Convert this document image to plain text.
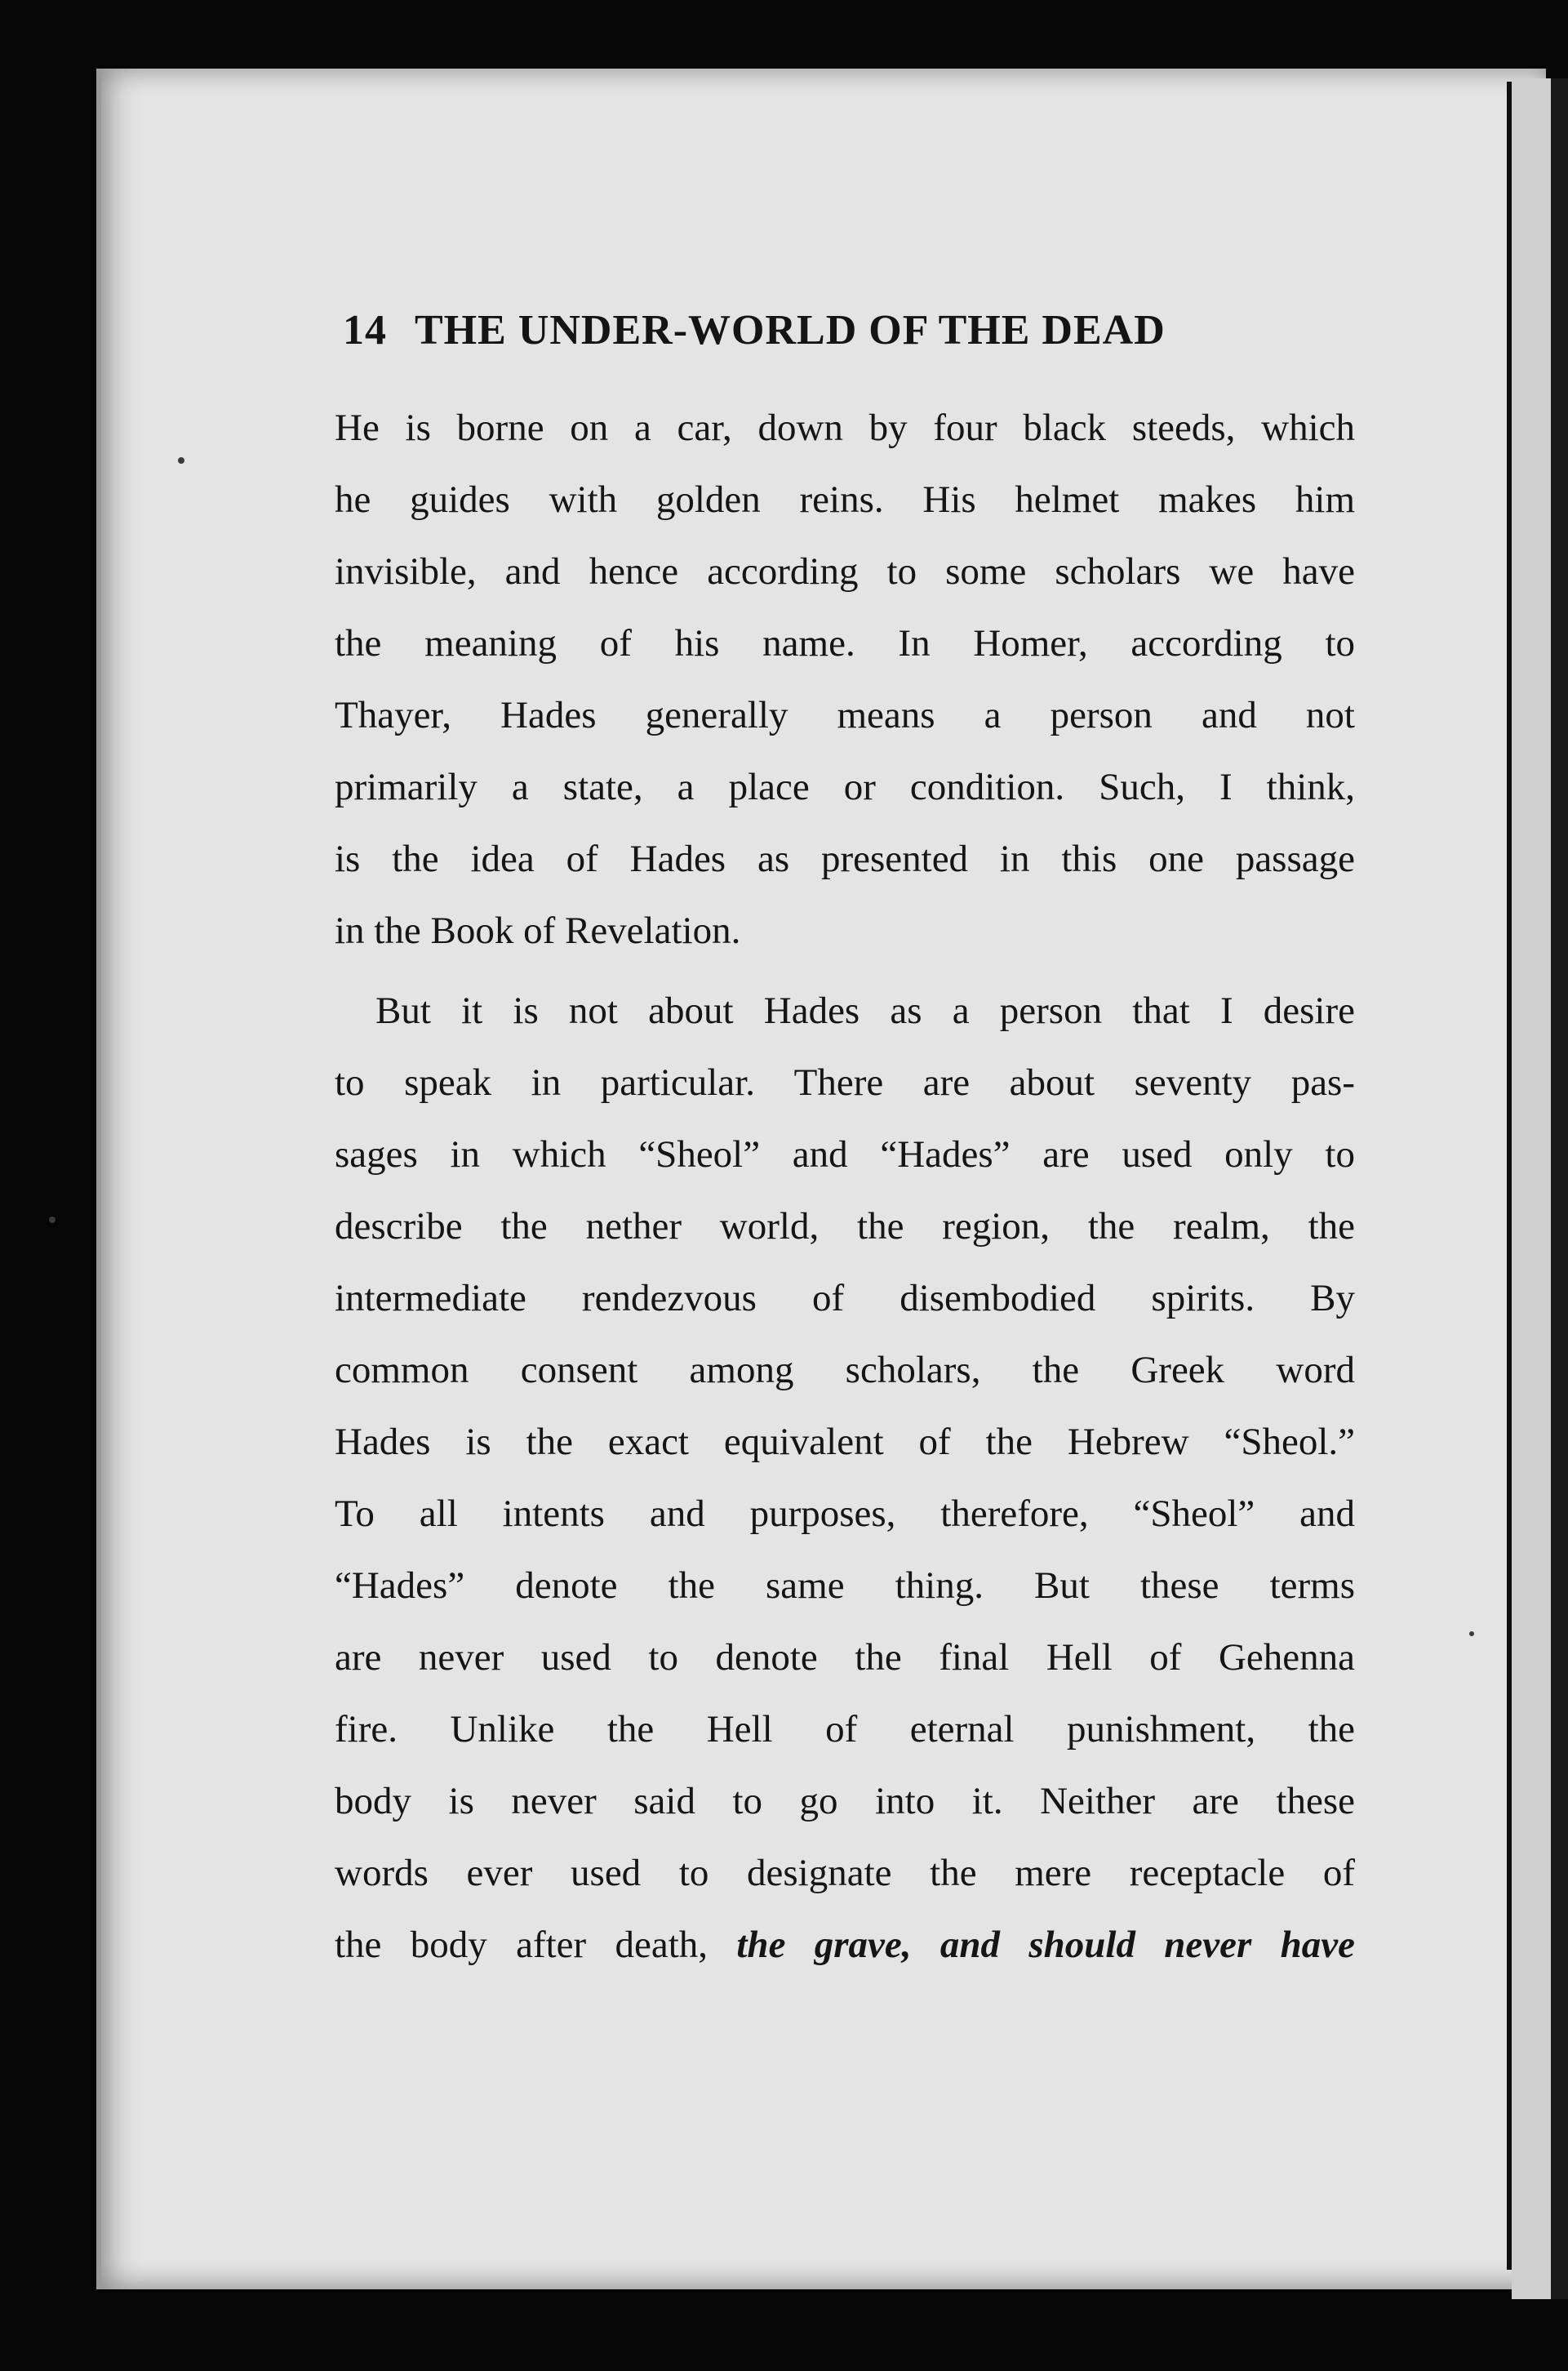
14 THE UNDER-WORLD OF THE DEAD
He is borne on a car, down by four black steeds, which
he guides with golden reins. His helmet makes him
invisible, and hence according to some scholars we have
the meaning of his name. In Homer, according to
Thayer, Hades generally means a person and not
primarily a state, a place or condition. Such, I think,
is the idea of Hades as presented in this one passage
in the Book of Revelation.
But it is not about Hades as a person that I desire
to speak in particular. There are about seventy pas-
sages in which “Sheol” and “Hades” are used only to
describe the nether world, the region, the realm, the
intermediate rendezvous of disembodied spirits. By
common consent among scholars, the Greek word
Hades is the exact equivalent of the Hebrew “Sheol.”
To all intents and purposes, therefore, “Sheol” and
“Hades” denote the same thing. But these terms
are never used to denote the final Hell of Gehenna
fire. Unlike the Hell of eternal punishment, the
body is never said to go into it. Neither are these
words ever used to designate the mere receptacle of
the body after death, the grave, and should never have
